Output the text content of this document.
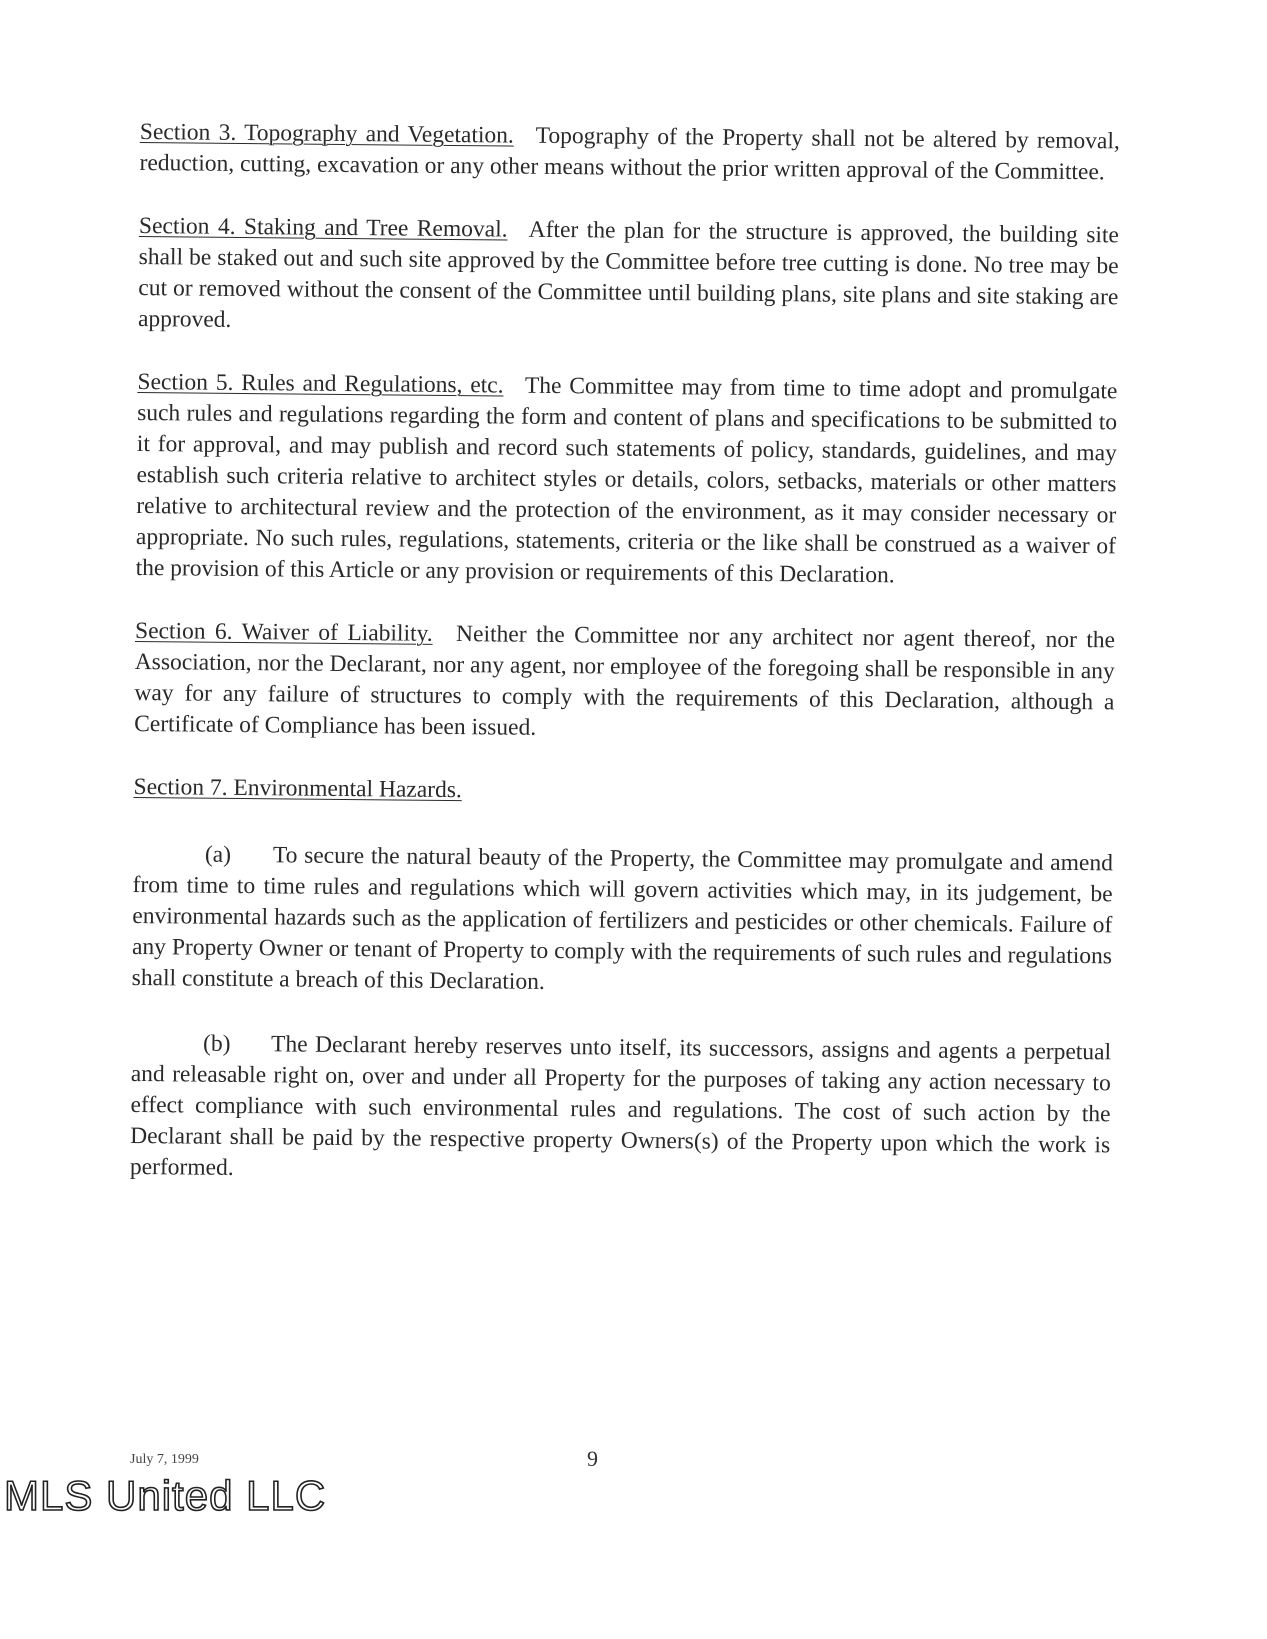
Section 3. Topography and Vegetation. Topography of the Property shall not be altered by removal, reduction, cutting, excavation or any other means without the prior written approval of the Committee.

Section 4. Staking and Tree Removal. After the plan for the structure is approved, the building site shall be staked out and such site approved by the Committee before tree cutting is done. No tree may be cut or removed without the consent of the Committee until building plans, site plans and site staking are approved.

Section 5. Rules and Regulations, etc. The Committee may from time to time adopt and promulgate such rules and regulations regarding the form and content of plans and specifications to be submitted to it for approval, and may publish and record such statements of policy, standards, guidelines, and may establish such criteria relative to architect styles or details, colors, setbacks, materials or other matters relative to architectural review and the protection of the environment, as it may consider necessary or appropriate. No such rules, regulations, statements, criteria or the like shall be construed as a waiver of the provision of this Article or any provision or requirements of this Declaration.

Section 6. Waiver of Liability. Neither the Committee nor any architect nor agent thereof, nor the Association, nor the Declarant, nor any agent, nor employee of the foregoing shall be responsible in any way for any failure of structures to comply with the requirements of this Declaration, although a Certificate of Compliance has been issued.

Section 7. Environmental Hazards.

(a) To secure the natural beauty of the Property, the Committee may promulgate and amend from time to time rules and regulations which will govern activities which may, in its judgement, be environmental hazards such as the application of fertilizers and pesticides or other chemicals. Failure of any Property Owner or tenant of Property to comply with the requirements of such rules and regulations shall constitute a breach of this Declaration.

(b) The Declarant hereby reserves unto itself, its successors, assigns and agents a perpetual and releasable right on, over and under all Property for the purposes of taking any action necessary to effect compliance with such environmental rules and regulations. The cost of such action by the Declarant shall be paid by the respective property Owners(s) of the Property upon which the work is performed.

July 7, 1999	9
MLS United LLC
